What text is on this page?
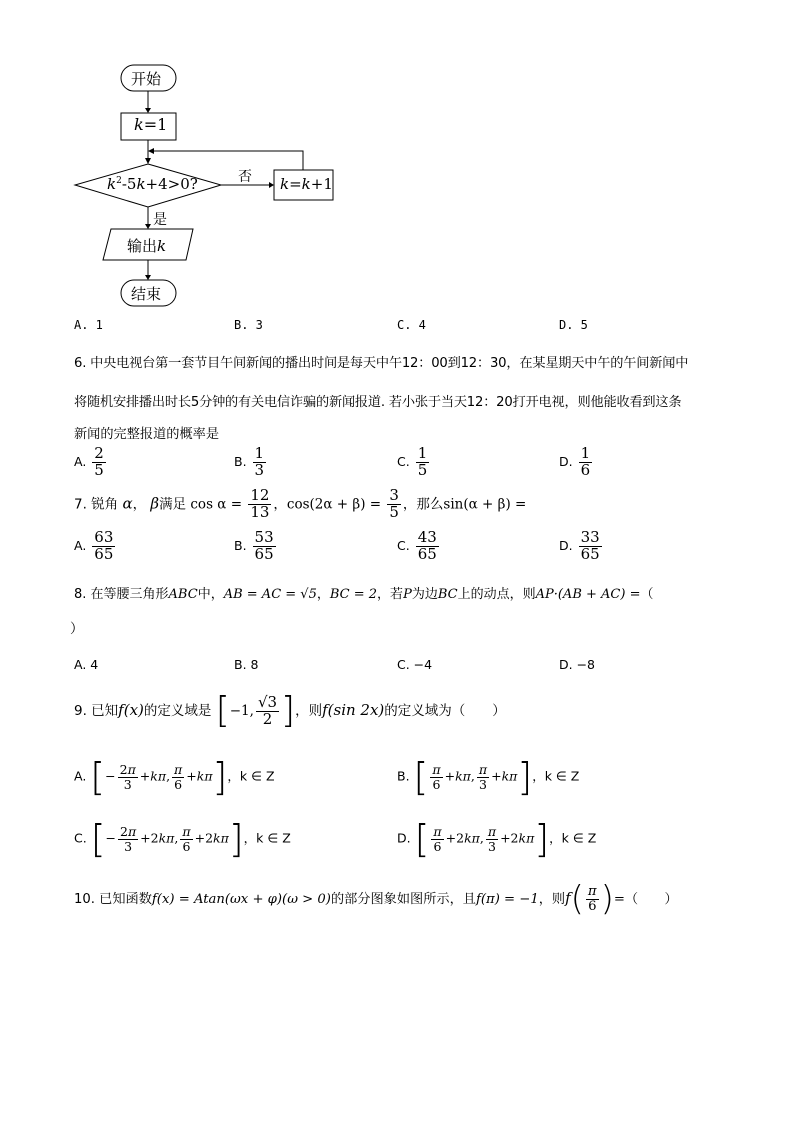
开始
k=1
$k^2-5k+4>0$?	否 k=k+1
是
输出k
结束
A. 1	B. 3	C. 4	D. 5
6. 中央电视台第一套节目午间新闻的播出时间是每天中午12：00到12：30，在某星期天中午的午间新闻中
将随机安排播出时长5分钟的有关电信诈骗的新闻报道. 若小张于当天12：20打开电视，则他能收看到这条
新闻的完整报道的概率是
A. $\frac{2}{5}$	B. $\frac{1}{3}$	C. $\frac{1}{5}$	D. $\frac{1}{6}$
7. 锐角 α， β满足 $\cos \alpha = \frac{12}{13}$ ，$\cos(2\alpha + \beta) = \frac{3}{5}$ ，那么sin(α + β) =
A. $\frac{63}{65}$	B. $\frac{53}{65}$	C. $\frac{43}{65}$	D. $\frac{33}{65}$
8. 在等腰三角形ABC中，AB = AC = √5，BC = 2，若P为边BC上的动点，则AP·(AB + AC) =（
）
A. 4	B. 8	C. −4	D. −8
9. 已知f(x)的定义域是 [−1, $\frac{√3}{2}$ ]，则f(sin 2x)的定义域为（　　）
A. [− $\frac{2\pi}{3} +k\pi$, $\frac{\pi}{6} +k\pi$]，k ∈ Z	B. [ $\frac{\pi}{6} +k\pi$, $\frac{\pi}{3} +k\pi$]，k ∈ Z
C. [− $\frac{2\pi}{3} +2k\pi$, $\frac{\pi}{6} +2k\pi$]，k ∈ Z	D. [ $\frac{\pi}{6} +2k\pi$, $\frac{\pi}{3} +2k\pi$]，k ∈ Z
10. 已知函数f(x) = Atan(ωx + φ)(ω > 0)的部分图象如图所示，且f(π) = −1，则$f( \frac{\pi}{6}$ )=（　　）
